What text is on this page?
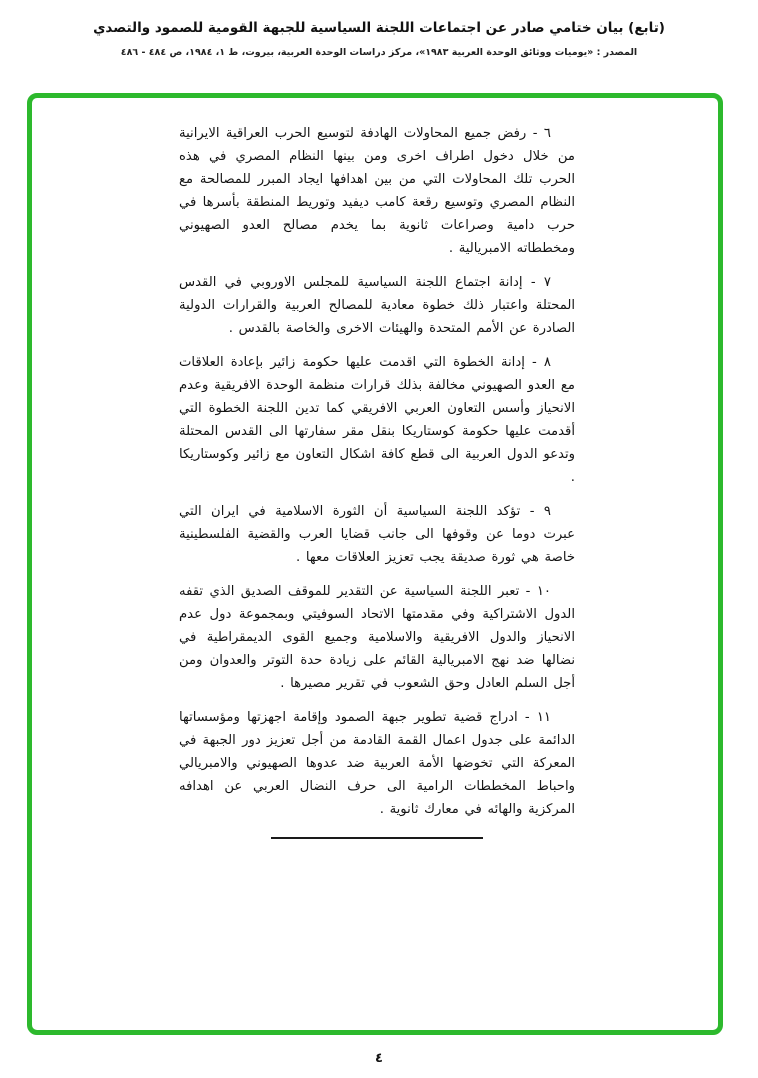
(تابع) بيان ختامي صادر عن اجتماعات اللجنة السياسية للجبهة القومية للصمود والتصدي
المصدر : «يوميات ووثائق الوحدة العربية ١٩٨٣»، مركز دراسات الوحدة العربية، بيروت، ط ١، ١٩٨٤، ص ٤٨٤ - ٤٨٦

٦ - رفض جميع المحاولات الهادفة لتوسيع الحرب العراقية الايرانية من خلال دخول اطراف اخرى ومن بينها النظام المصري في هذه الحرب تلك المحاولات التي من بين اهدافها ايجاد المبرر للمصالحة مع النظام المصري وتوسيع رقعة كامب ديفيد وتوريط المنطقة بأسرها في حرب دامية وصراعات ثانوية بما يخدم مصالح العدو الصهيوني ومخططاته الامبريالية .

٧ - إدانة اجتماع اللجنة السياسية للمجلس الاوروبي في القدس المحتلة واعتبار ذلك خطوة معادية للمصالح العربية والقرارات الدولية الصادرة عن الأمم المتحدة والهيئات الاخرى والخاصة بالقدس .

٨ - إدانة الخطوة التي اقدمت عليها حكومة زائير بإعادة العلاقات مع العدو الصهيوني مخالفة بذلك قرارات منظمة الوحدة الافريقية وعدم الانحياز وأسس التعاون العربي الافريقي كما تدين اللجنة الخطوة التي أقدمت عليها حكومة كوستاريكا بنقل مقر سفارتها الى القدس المحتلة وتدعو الدول العربية الى قطع كافة اشكال التعاون مع زائير وكوستاريكا .

٩ - تؤكد اللجنة السياسية أن الثورة الاسلامية في ايران التي عبرت دوما عن وقوفها الى جانب قضايا العرب والقضية الفلسطينية خاصة هي ثورة صديقة يجب تعزيز العلاقات معها .

١٠ - تعبر اللجنة السياسية عن التقدير للموقف الصديق الذي تقفه الدول الاشتراكية وفي مقدمتها الاتحاد السوفيتي وبمجموعة دول عدم الانحياز والدول الافريقية والاسلامية وجميع القوى الديمقراطية في نضالها ضد نهج الامبريالية القائم على زيادة حدة التوتر والعدوان ومن أجل السلم العادل وحق الشعوب في تقرير مصيرها .

١١ - ادراج قضية تطوير جبهة الصمود وإقامة اجهزتها ومؤسساتها الدائمة على جدول اعمال القمة القادمة من أجل تعزيز دور الجبهة في المعركة التي تخوضها الأمة العربية ضد عدوها الصهيوني والامبريالي واحباط المخططات الرامية الى حرف النضال العربي عن اهدافه المركزية والهائه في معارك ثانوية .

٤
